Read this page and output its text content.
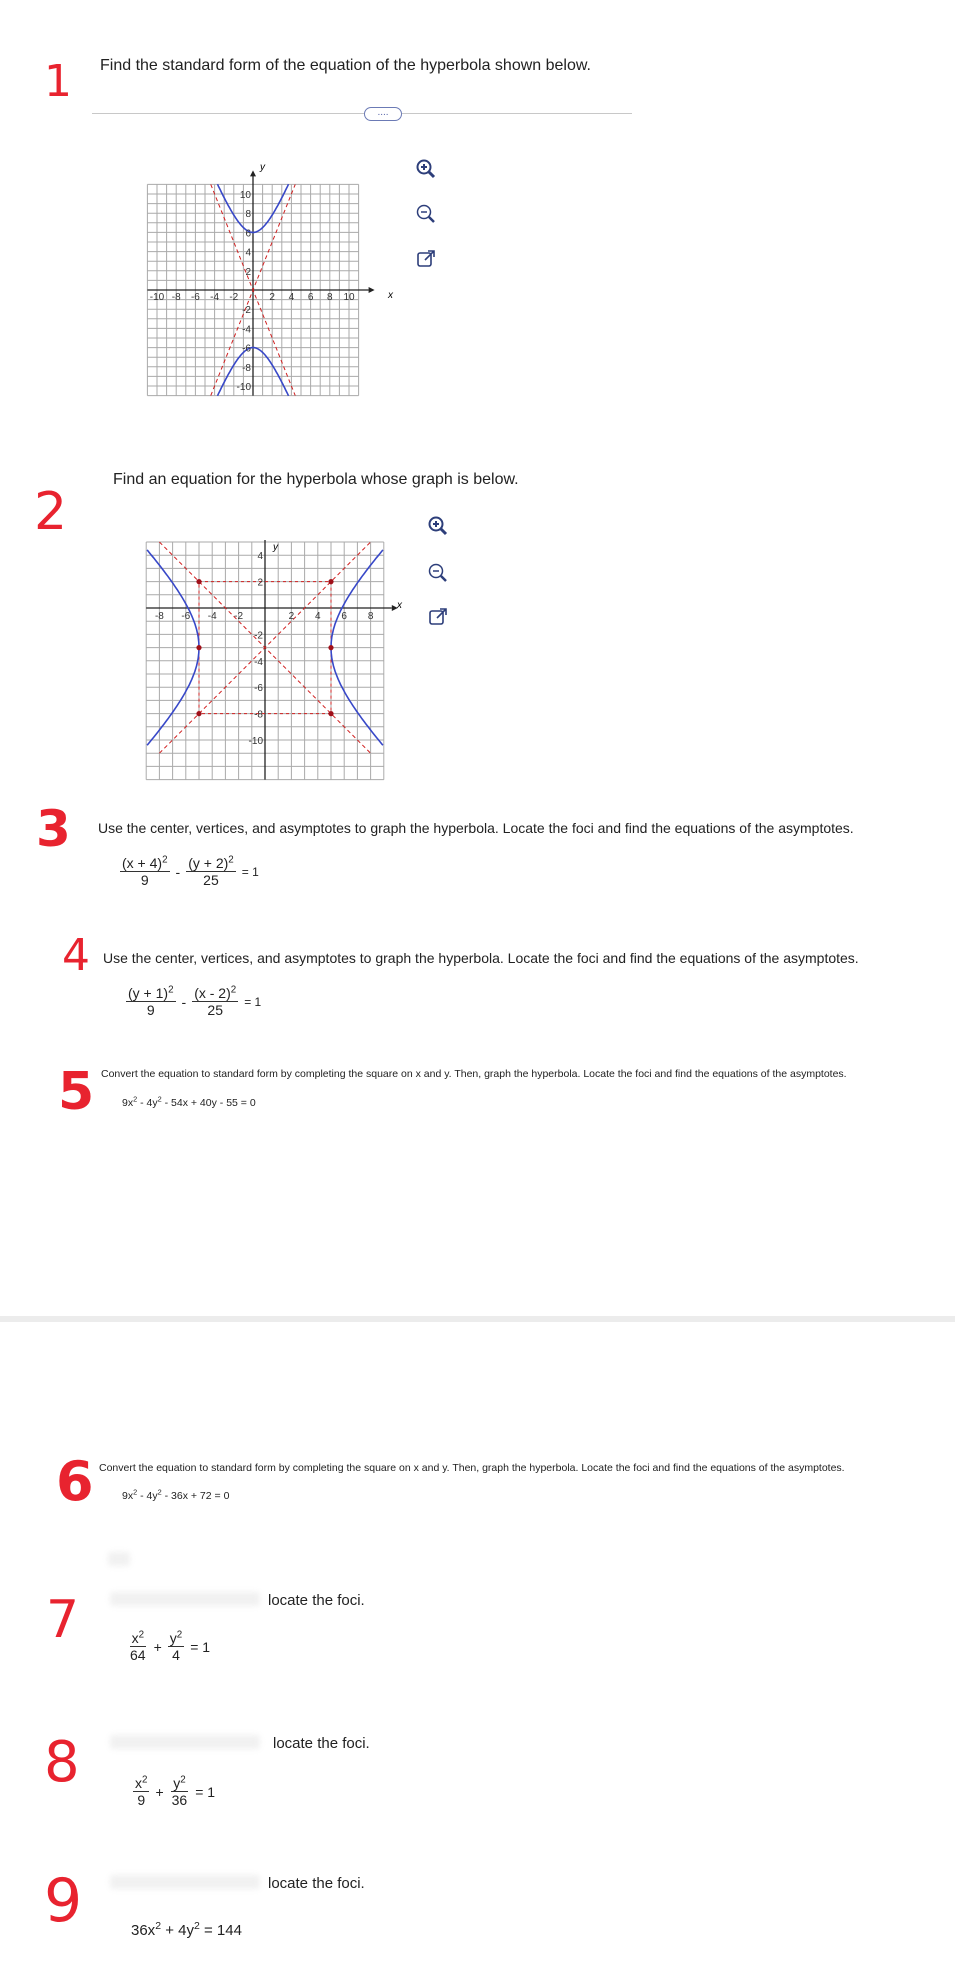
1
2
3
4
5
6
7
8
9
Find the standard form of the equation of the hyperbola shown below.
....
-10 -8 -6 -4 -2	2 4 6 8 10
10
8
6
4
2
-2
-4
-6
-8
-10
x
y
Find an equation for the hyperbola whose graph is below.
-8 -6 -4 -2	2 4 6 8
4
2
-2
-4
-6
-8
-10
x
y
Use the center, vertices, and asymptotes to graph the hyperbola. Locate the foci and find the equations of the asymptotes.
$\frac{(x + 4)^2}{9} - \frac{(y + 2)^2}{25} = 1$
Use the center, vertices, and asymptotes to graph the hyperbola. Locate the foci and find the equations of the asymptotes.
$\frac{(y + 1)^2}{9} - \frac{(x - 2)^2}{25} = 1$
Convert the equation to standard form by completing the square on x and y. Then, graph the hyperbola. Locate the foci and find the equations of the asymptotes.
$9x^2 - 4y^2 - 54x + 40y - 55 = 0$
Convert the equation to standard form by completing the square on x and y. Then, graph the hyperbola. Locate the foci and find the equations of the asymptotes.
$9x^2 - 4y^2 - 36x + 72 = 0$
locate the foci.
$\frac{x^2}{64} + \frac{y^2}{4} = 1$
locate the foci.
$\frac{x^2}{9} + \frac{y^2}{36} = 1$
locate the foci.
$36x^2 + 4y^2 = 144$
